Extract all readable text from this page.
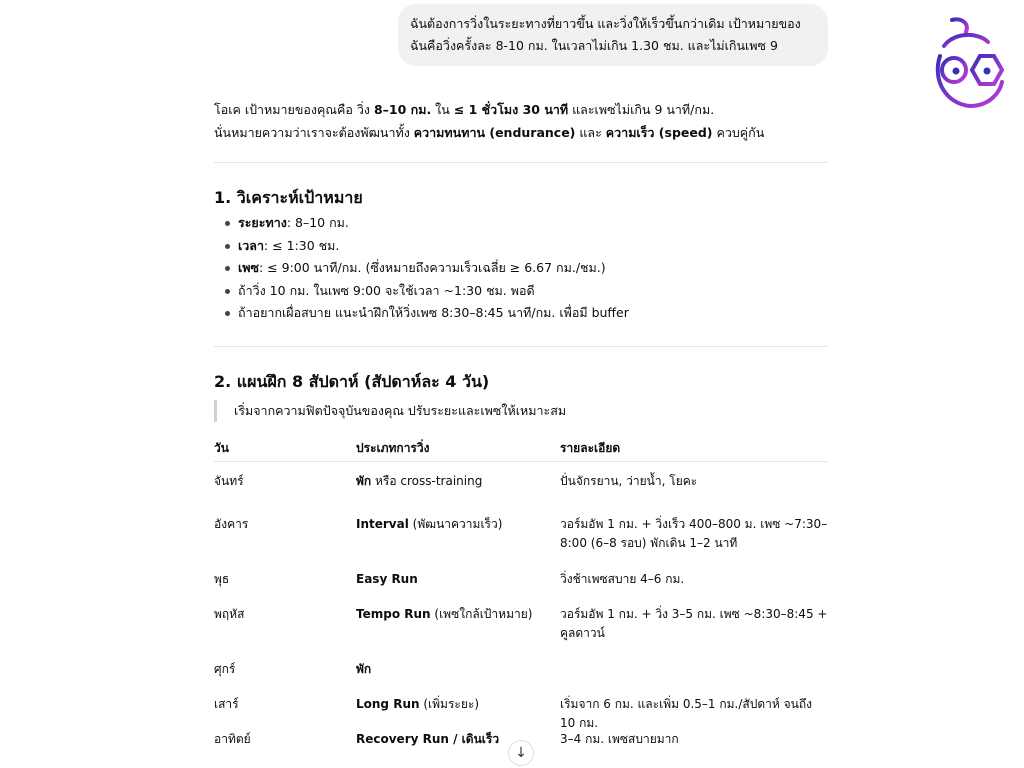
ฉันต้องการวิ่งในระยะทางที่ยาวขึ้น และวิ่งให้เร็วขึ้นกว่าเดิม เป้าหมายของฉันคือวิ่งครั้งละ 8-10 กม. ในเวลาไม่เกิน 1.30 ชม. และไม่เกินเพซ 9
โอเค เป้าหมายของคุณคือ วิ่ง 8–10 กม. ใน ≤ 1 ชั่วโมง 30 นาที และเพซไม่เกิน 9 นาที/กม.
นั่นหมายความว่าเราจะต้องพัฒนาทั้ง ความทนทาน (endurance) และ ความเร็ว (speed) ควบคู่กัน
1. วิเคราะห์เป้าหมาย
ระยะทาง: 8–10 กม.
เวลา: ≤ 1:30 ชม.
เพซ: ≤ 9:00 นาที/กม. (ซึ่งหมายถึงความเร็วเฉลี่ย ≥ 6.67 กม./ชม.)
ถ้าวิ่ง 10 กม. ในเพซ 9:00 จะใช้เวลา ~1:30 ชม. พอดี
ถ้าอยากเผื่อสบาย แนะนำฝึกให้วิ่งเพซ 8:30–8:45 นาที/กม. เพื่อมี buffer
2. แผนฝึก 8 สัปดาห์ (สัปดาห์ละ 4 วัน)
เริ่มจากความฟิตปัจจุบันของคุณ ปรับระยะและเพซให้เหมาะสม
วัน	ประเภทการวิ่ง	รายละเอียด
จันทร์	พัก หรือ cross-training	ปั่นจักรยาน, ว่ายน้ำ, โยคะ
อังคาร	Interval (พัฒนาความเร็ว)	วอร์มอัพ 1 กม. + วิ่งเร็ว 400–800 ม. เพซ ~7:30–8:00 (6–8 รอบ) พักเดิน 1–2 นาที
พุธ	Easy Run	วิ่งช้าเพซสบาย 4–6 กม.
พฤหัส	Tempo Run (เพซใกล้เป้าหมาย)	วอร์มอัพ 1 กม. + วิ่ง 3–5 กม. เพซ ~8:30–8:45 + คูลดาวน์
ศุกร์	พัก
เสาร์	Long Run (เพิ่มระยะ)	เริ่มจาก 6 กม. และเพิ่ม 0.5–1 กม./สัปดาห์ จนถึง 10 กม.
อาทิตย์	Recovery Run / เดินเร็ว	3–4 กม. เพซสบายมาก
↓
